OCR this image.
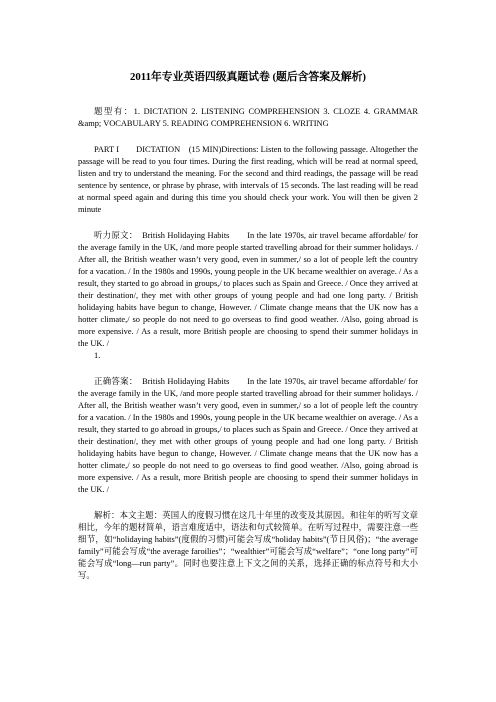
2011年专业英语四级真题试卷 (题后含答案及解析)

题型有：1. DICTATION 2. LISTENING COMPREHENSION 3. CLOZE 4. GRAMMAR &amp; VOCABULARY 5. READING COMPREHENSION 6. WRITING

PART I　　DICTATION　(15 MIN)Directions: Listen to the following passage. Altogether the passage will be read to you four times. During the first reading, which will be read at normal speed, listen and try to understand the meaning. For the second and third readings, the passage will be read sentence by sentence, or phrase by phrase, with intervals of 15 seconds. The last reading will be read at normal speed again and during this time you should check your work. You will then be given 2 minute

听力原文：　British Holidaying Habits　　In the late 1970s, air travel became affordable/ for the average family in the UK, /and more people started travelling abroad for their summer holidays. / After all, the British weather wasn’t very good, even in summer,/ so a lot of people left the country for a vacation. / In the 1980s and 1990s, young people in the UK became wealthier on average. / As a result, they started to go abroad in groups,/ to places such as Spain and Greece. / Once they arrived at their destination/, they met with other groups of young people and had one long party. / British holidaying habits have begun to change, However. / Climate change means that the UK now has a hotter climate,/ so people do not need to go overseas to find good weather. /Also, going abroad is more expensive. / As a result, more British people are choosing to spend their summer holidays in the UK. /

1.

正确答案：　British Holidaying Habits　　In the late 1970s, air travel became affordable/ for the average family in the UK, /and more people started travelling abroad for their summer holidays. / After all, the British weather wasn’t very good, even in summer,/ so a lot of people left the country for a vacation. / In the 1980s and 1990s, young people in the UK became wealthier on average. / As a result, they started to go abroad in groups,/ to places such as Spain and Greece. / Once they arrived at their destination/, they met with other groups of young people and had one long party. / British holidaying habits have begun to change, However. / Climate change means that the UK now has a hotter climate,/ so people do not need to go overseas to find good weather. /Also, going abroad is more expensive. / As a result, more British people are choosing to spend their summer holidays in the UK. /

解析：本文主题：英国人的度假习惯在这几十年里的改变及其原因。和往年的听写文章相比，今年的题材简单，语言难度适中，语法和句式较简单。在听写过程中，需要注意一些细节，如“holidaying habits”(度假的习惯)可能会写成“holiday habits”(节日风俗)；“the average family”可能会写成“the average faroilies”；“wealthier”可能会写成“welfare”；“one long party”可能会写成“long—run party”。同时也要注意上下文之间的关系，选择正确的标点符号和大小写。
